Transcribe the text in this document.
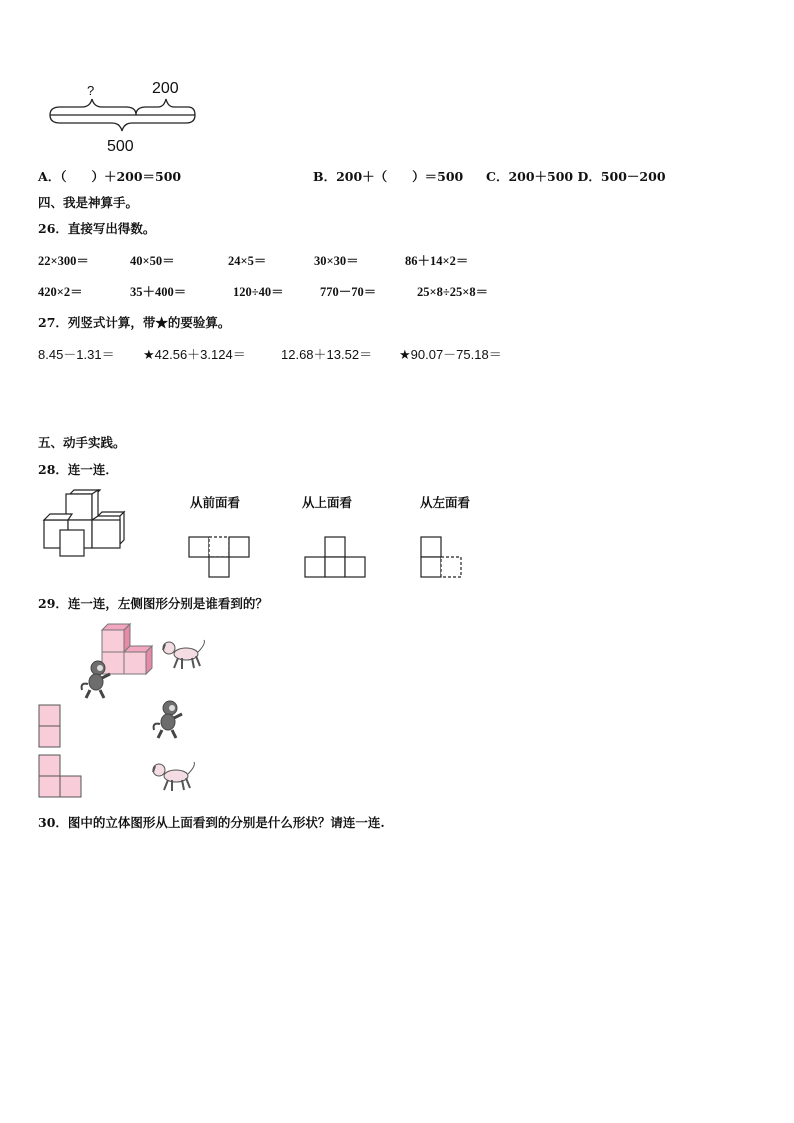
?	200
500
A．（　　）＋200＝500	B．200＋（　　）＝500 C．200＋500 D．500－200
四、我是神算手。
26．直接写出得数。
22×300＝	40×50＝	24×5＝	30×30＝	86＋14×2＝
420×2＝	35＋400＝	120÷40＝	770－70＝	25×8÷25×8＝
27．列竖式计算，带★的要验算。
8.45－1.31＝ ★42.56＋3.124＝	12.68＋13.52＝ ★90.07－75.18＝
五、动手实践。
28．连一连．
从前面看	从上面看	从左面看
29．连一连，左侧图形分别是谁看到的？
30．图中的立体图形从上面看到的分别是什么形状？请连一连.
